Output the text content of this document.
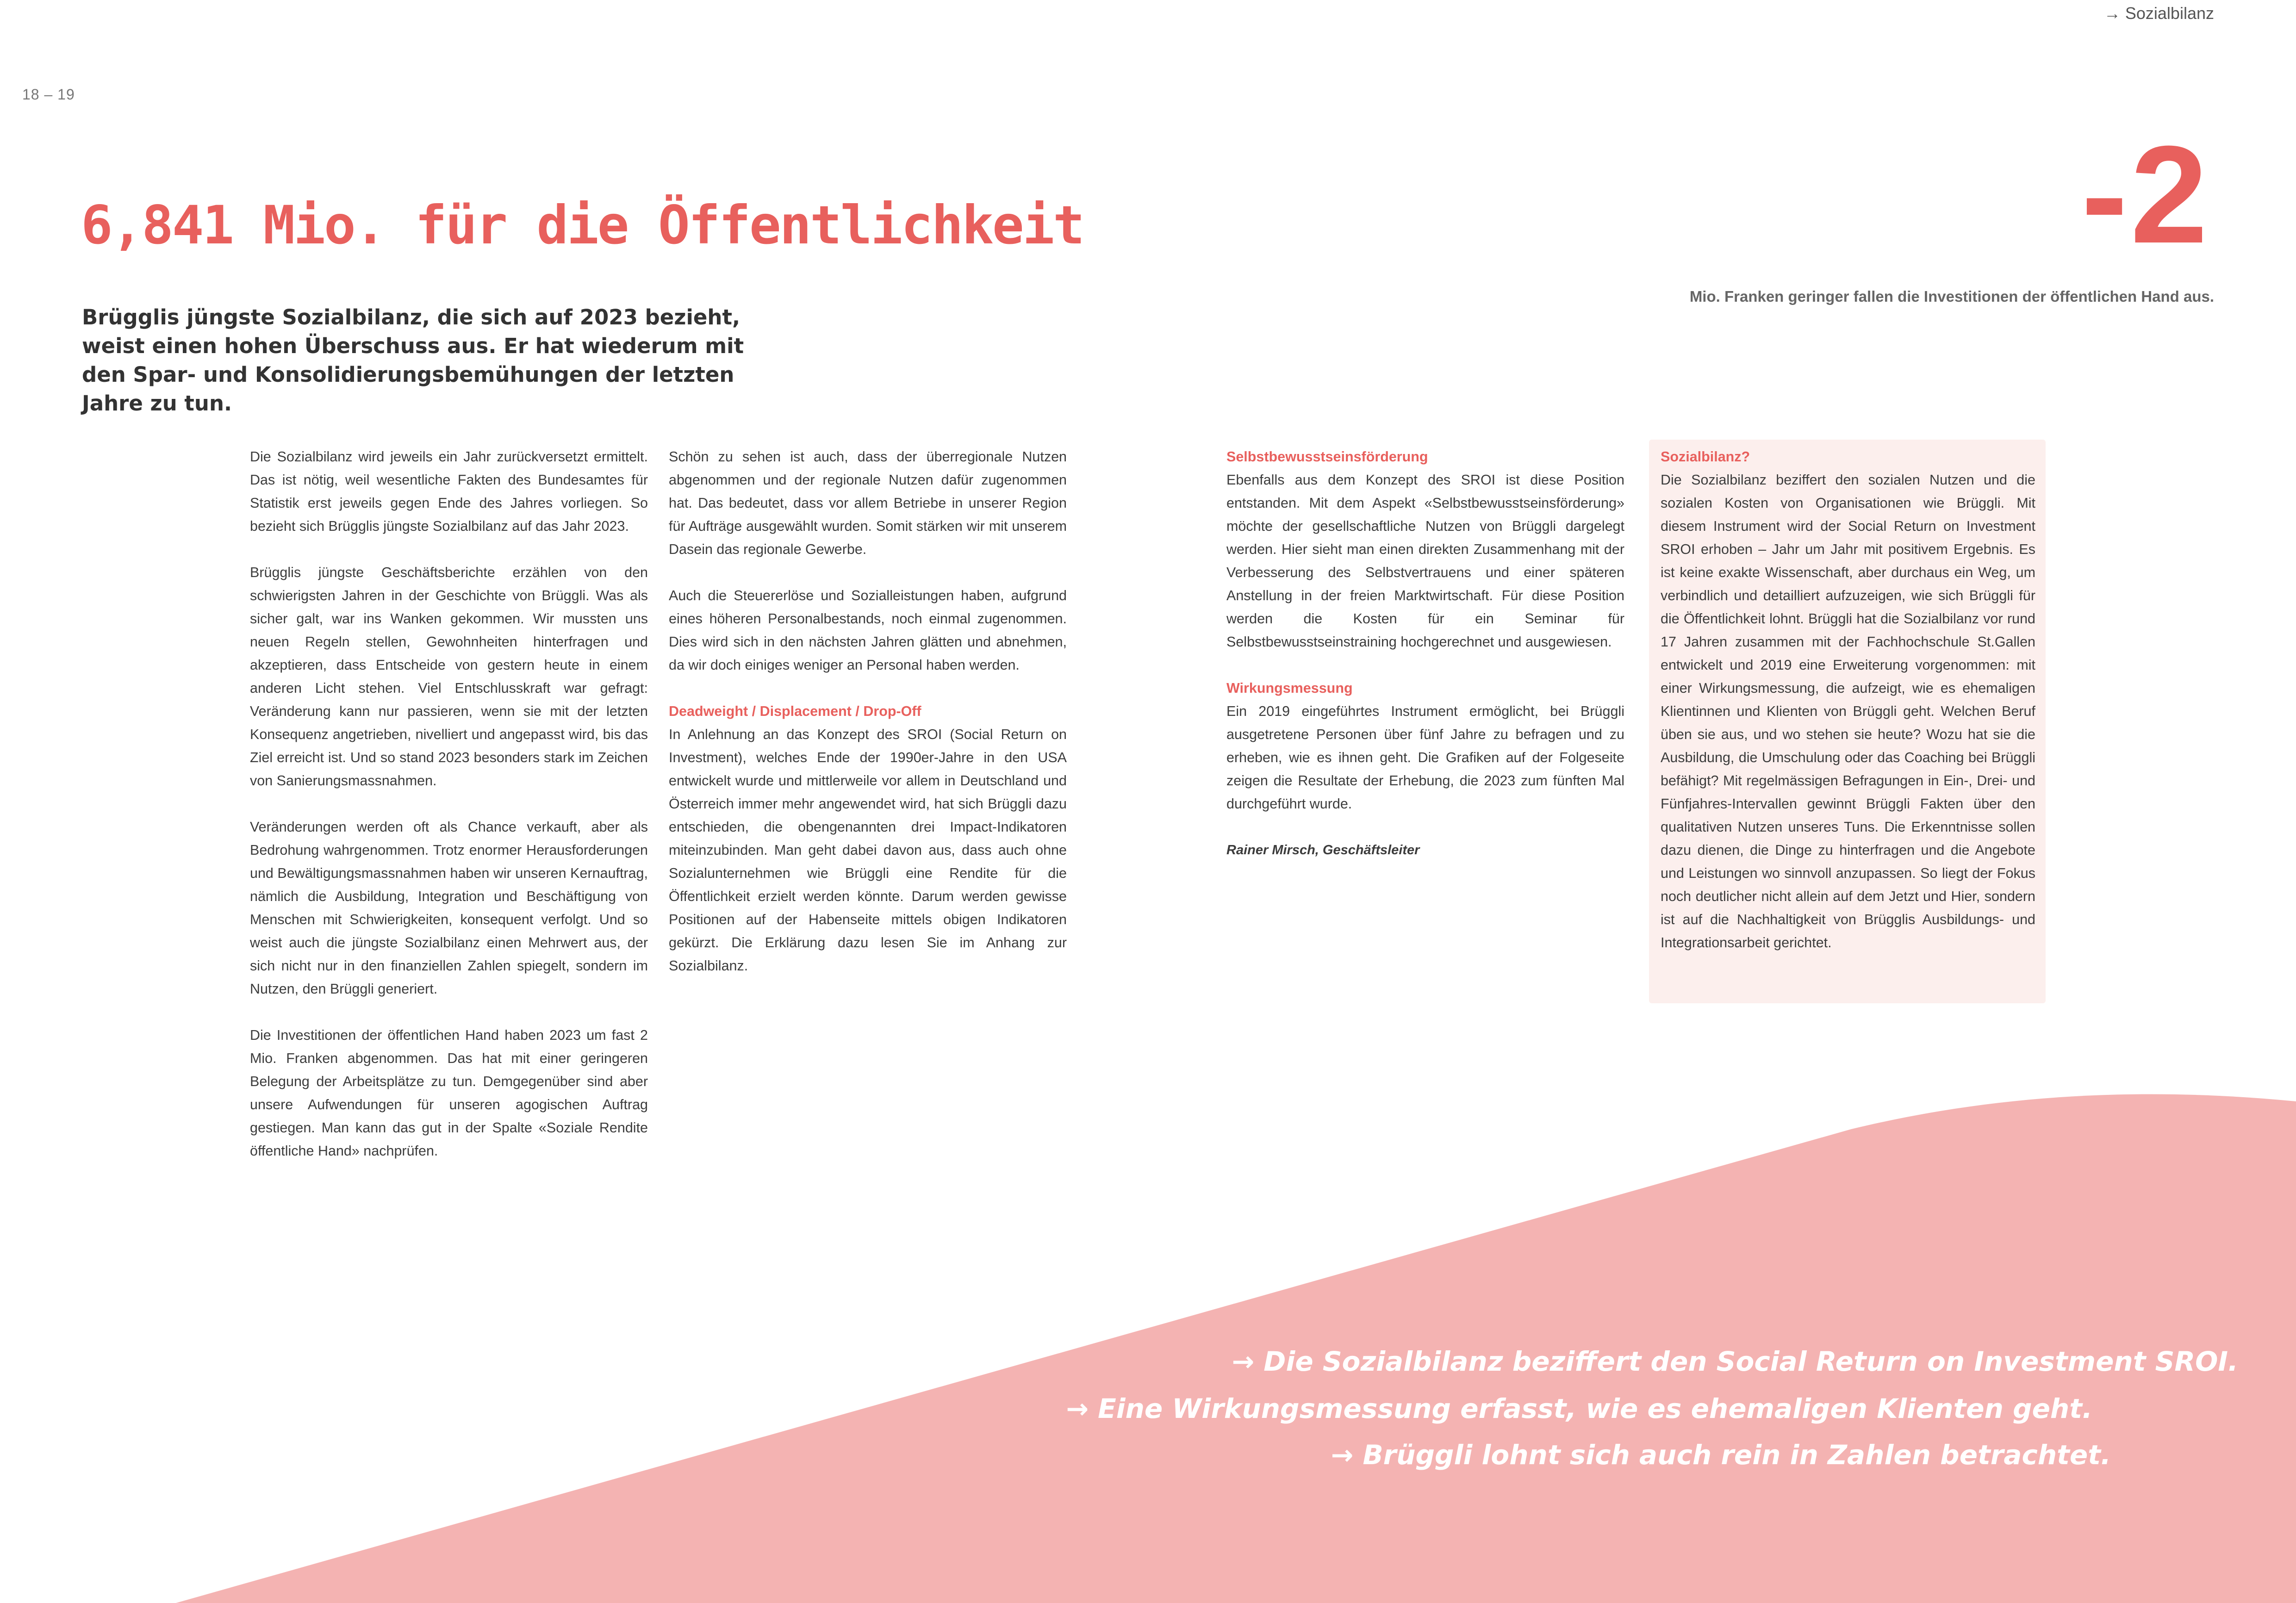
→ Sozialbilanz
18 – 19
6,841 Mio. für die Öffentlichkeit	-2
Mio. Franken geringer fallen die Investitionen der öffentlichen Hand aus.

Brügglis jüngste Sozialbilanz, die sich auf 2023 bezieht, weist einen hohen Überschuss aus. Er hat wiederum mit den Spar- und Konsolidierungsbemühungen der letzten Jahre zu tun.

Die Sozialbilanz wird jeweils ein Jahr zurückversetzt ermittelt. Das ist nötig, weil wesentliche Fakten des Bundesamtes für Statistik erst jeweils gegen Ende des Jahres vorliegen. So bezieht sich Brügglis jüngste Sozialbilanz auf das Jahr 2023.

Brügglis jüngste Geschäftsberichte erzählen von den schwierigsten Jahren in der Geschichte von Brüggli. Was als sicher galt, war ins Wanken gekommen. Wir mussten uns neuen Regeln stellen, Gewohnheiten hinterfragen und akzeptieren, dass Entscheide von gestern heute in einem anderen Licht stehen. Viel Entschlusskraft war gefragt: Veränderung kann nur passieren, wenn sie mit der letzten Konsequenz angetrieben, nivelliert und angepasst wird, bis das Ziel erreicht ist. Und so stand 2023 besonders stark im Zeichen von Sanierungsmassnahmen.

Veränderungen werden oft als Chance verkauft, aber als Bedrohung wahrgenommen. Trotz enormer Herausforderungen und Bewältigungsmassnahmen haben wir unseren Kernauftrag, nämlich die Ausbildung, Integration und Beschäftigung von Menschen mit Schwierigkeiten, konsequent verfolgt. Und so weist auch die jüngste Sozialbilanz einen Mehrwert aus, der sich nicht nur in den finanziellen Zahlen spiegelt, sondern im Nutzen, den Brüggli generiert.

Die Investitionen der öffentlichen Hand haben 2023 um fast 2 Mio. Franken abgenommen. Das hat mit einer geringeren Belegung der Arbeitsplätze zu tun. Demgegenüber sind aber unsere Aufwendungen für unseren agogischen Auftrag gestiegen. Man kann das gut in der Spalte «Soziale Rendite öffentliche Hand» nachprüfen.

Schön zu sehen ist auch, dass der überregionale Nutzen abgenommen und der regionale Nutzen dafür zugenommen hat. Das bedeutet, dass vor allem Betriebe in unserer Region für Aufträge ausgewählt wurden. Somit stärken wir mit unserem Dasein das regionale Gewerbe.

Auch die Steuererlöse und Sozialleistungen haben, aufgrund eines höheren Personalbestands, noch einmal zugenommen. Dies wird sich in den nächsten Jahren glätten und abnehmen, da wir doch einiges weniger an Personal haben werden.

Deadweight / Displacement / Drop-Off

In Anlehnung an das Konzept des SROI (Social Return on Investment), welches Ende der 1990er-Jahre in den USA entwickelt wurde und mittlerweile vor allem in Deutschland und Österreich immer mehr angewendet wird, hat sich Brüggli dazu entschieden, die obengenannten drei Impact-Indikatoren miteinzubinden. Man geht dabei davon aus, dass auch ohne Sozialunternehmen wie Brüggli eine Rendite für die Öffentlichkeit erzielt werden könnte. Darum werden gewisse Positionen auf der Habenseite mittels obigen Indikatoren gekürzt. Die Erklärung dazu lesen Sie im Anhang zur Sozialbilanz.

Selbstbewusstseinsförderung

Ebenfalls aus dem Konzept des SROI ist diese Position entstanden. Mit dem Aspekt «Selbstbewusstseinsförderung» möchte der gesellschaftliche Nutzen von Brüggli dargelegt werden. Hier sieht man einen direkten Zusammenhang mit der Verbesserung des Selbstvertrauens und einer späteren Anstellung in der freien Marktwirtschaft. Für diese Position werden die Kosten für ein Seminar für Selbstbewusstseinstraining hochgerechnet und ausgewiesen.

Wirkungsmessung

Ein 2019 eingeführtes Instrument ermöglicht, bei Brüggli ausgetretene Personen über fünf Jahre zu befragen und zu erheben, wie es ihnen geht. Die Grafiken auf der Folgeseite zeigen die Resultate der Erhebung, die 2023 zum fünften Mal durchgeführt wurde.

Rainer Mirsch, Geschäftsleiter

Sozialbilanz?

Die Sozialbilanz beziffert den sozialen Nutzen und die sozialen Kosten von Organisationen wie Brüggli. Mit diesem Instrument wird der Social Return on Investment SROI erhoben – Jahr um Jahr mit positivem Ergebnis. Es ist keine exakte Wissenschaft, aber durchaus ein Weg, um verbindlich und detailliert aufzuzeigen, wie sich Brüggli für die Öffentlichkeit lohnt. Brüggli hat die Sozialbilanz vor rund 17 Jahren zusammen mit der Fachhochschule St.Gallen entwickelt und 2019 eine Erweiterung vorgenommen: mit einer Wirkungsmessung, die aufzeigt, wie es ehemaligen Klientinnen und Klienten von Brüggli geht. Welchen Beruf üben sie aus, und wo stehen sie heute? Wozu hat sie die Ausbildung, die Umschulung oder das Coaching bei Brüggli befähigt? Mit regelmässigen Befragungen in Ein-, Drei- und Fünfjahres-Intervallen gewinnt Brüggli Fakten über den qualitativen Nutzen unseres Tuns. Die Erkenntnisse sollen dazu dienen, die Dinge zu hinterfragen und die Angebote und Leistungen wo sinnvoll anzupassen. So liegt der Fokus noch deutlicher nicht allein auf dem Jetzt und Hier, sondern ist auf die Nachhaltigkeit von Brügglis Ausbildungs- und Integrationsarbeit gerichtet.

→ Die Sozialbilanz beziffert den Social Return on Investment SROI.
→ Eine Wirkungsmessung erfasst, wie es ehemaligen Klienten geht.
→ Brüggli lohnt sich auch rein in Zahlen betrachtet.
